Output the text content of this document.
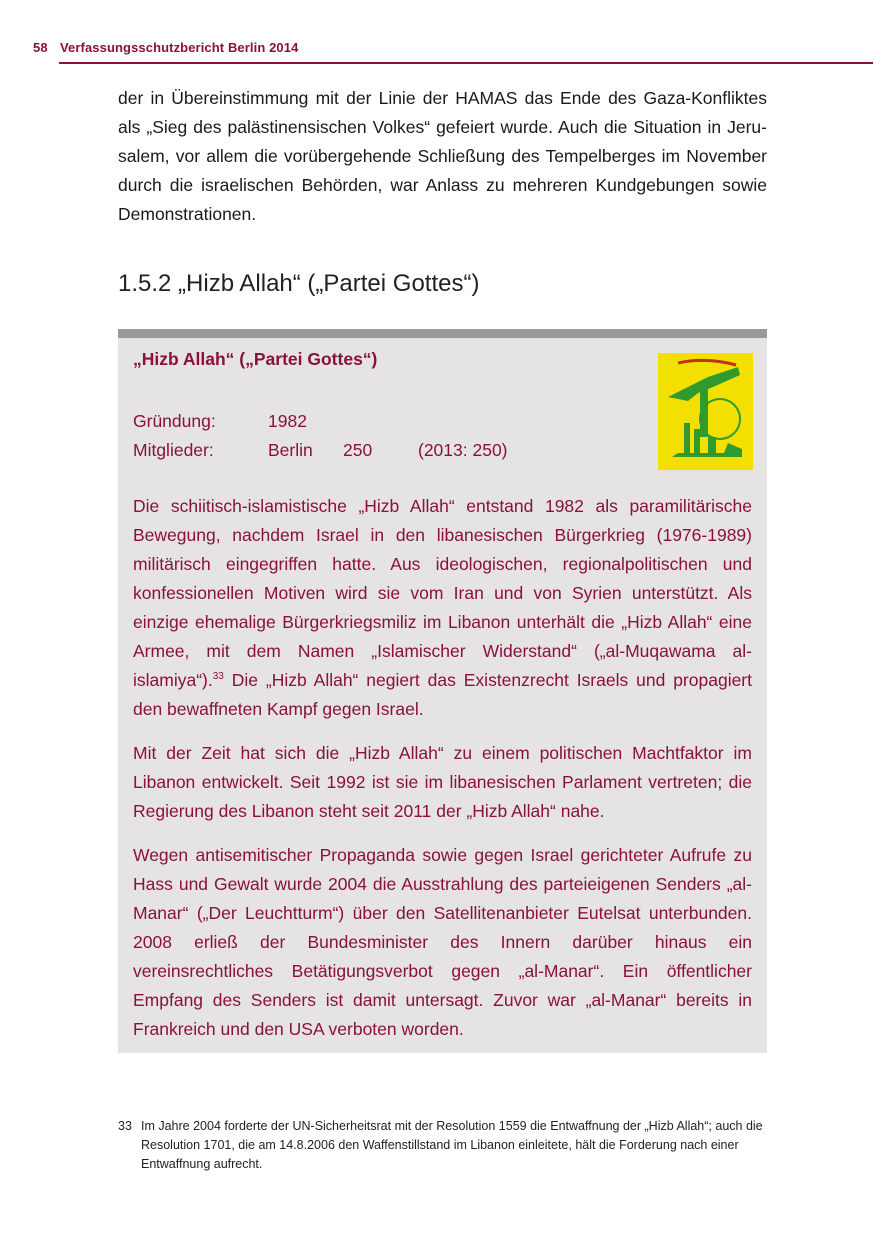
58 Verfassungsschutzbericht Berlin 2014

der in Übereinstimmung mit der Linie der HAMAS das Ende des Gaza-Konfliktes als „Sieg des palästinensischen Volkes“ gefeiert wurde. Auch die Situation in Jerusalem, vor allem die vorübergehende Schließung des Tempelberges im November durch die israelischen Behörden, war Anlass zu mehreren Kundgebungen sowie Demonstrationen.

1.5.2 „Hizb Allah“ („Partei Gottes“)
„Hizb Allah“ („Partei Gottes“)
Gründung:	1982
Mitglieder:	Berlin	250	(2013: 250)

Die schiitisch-islamistische „Hizb Allah“ entstand 1982 als paramilitärische Bewegung, nachdem Israel in den libanesischen Bürgerkrieg (1976-1989) militärisch eingegriffen hatte. Aus ideologischen, regionalpolitischen und konfessionellen Motiven wird sie vom Iran und von Syrien unterstützt. Als einzige ehemalige Bürgerkriegsmiliz im Libanon unterhält die „Hizb Allah“ eine Armee, mit dem Namen „Islamischer Widerstand“ („al-Muqawama al-islamiya“).$^{33}$ Die „Hizb Allah“ negiert das Existenzrecht Israels und propagiert den bewaffneten Kampf gegen Israel.

Mit der Zeit hat sich die „Hizb Allah“ zu einem politischen Machtfaktor im Libanon entwickelt. Seit 1992 ist sie im libanesischen Parlament vertreten; die Regierung des Libanon steht seit 2011 der „Hizb Allah“ nahe.

Wegen antisemitischer Propaganda sowie gegen Israel gerichteter Aufrufe zu Hass und Gewalt wurde 2004 die Ausstrahlung des parteieigenen Senders „al-Manar“ („Der Leuchtturm“) über den Satellitenanbieter Eutelsat unterbunden. 2008 erließ der Bundesminister des Innern darüber hinaus ein vereinsrechtliches Betätigungsverbot gegen „al-Manar“. Ein öffentlicher Empfang des Senders ist damit untersagt. Zuvor war „al-Manar“ bereits in Frankreich und den USA verboten worden.

33 Im Jahre 2004 forderte der UN-Sicherheitsrat mit der Resolution 1559 die Entwaffnung der „Hizb Allah“; auch die Resolution 1701, die am 14.8.2006 den Waffenstillstand im Libanon einleitete, hält die Forderung nach einer Entwaffnung aufrecht.
